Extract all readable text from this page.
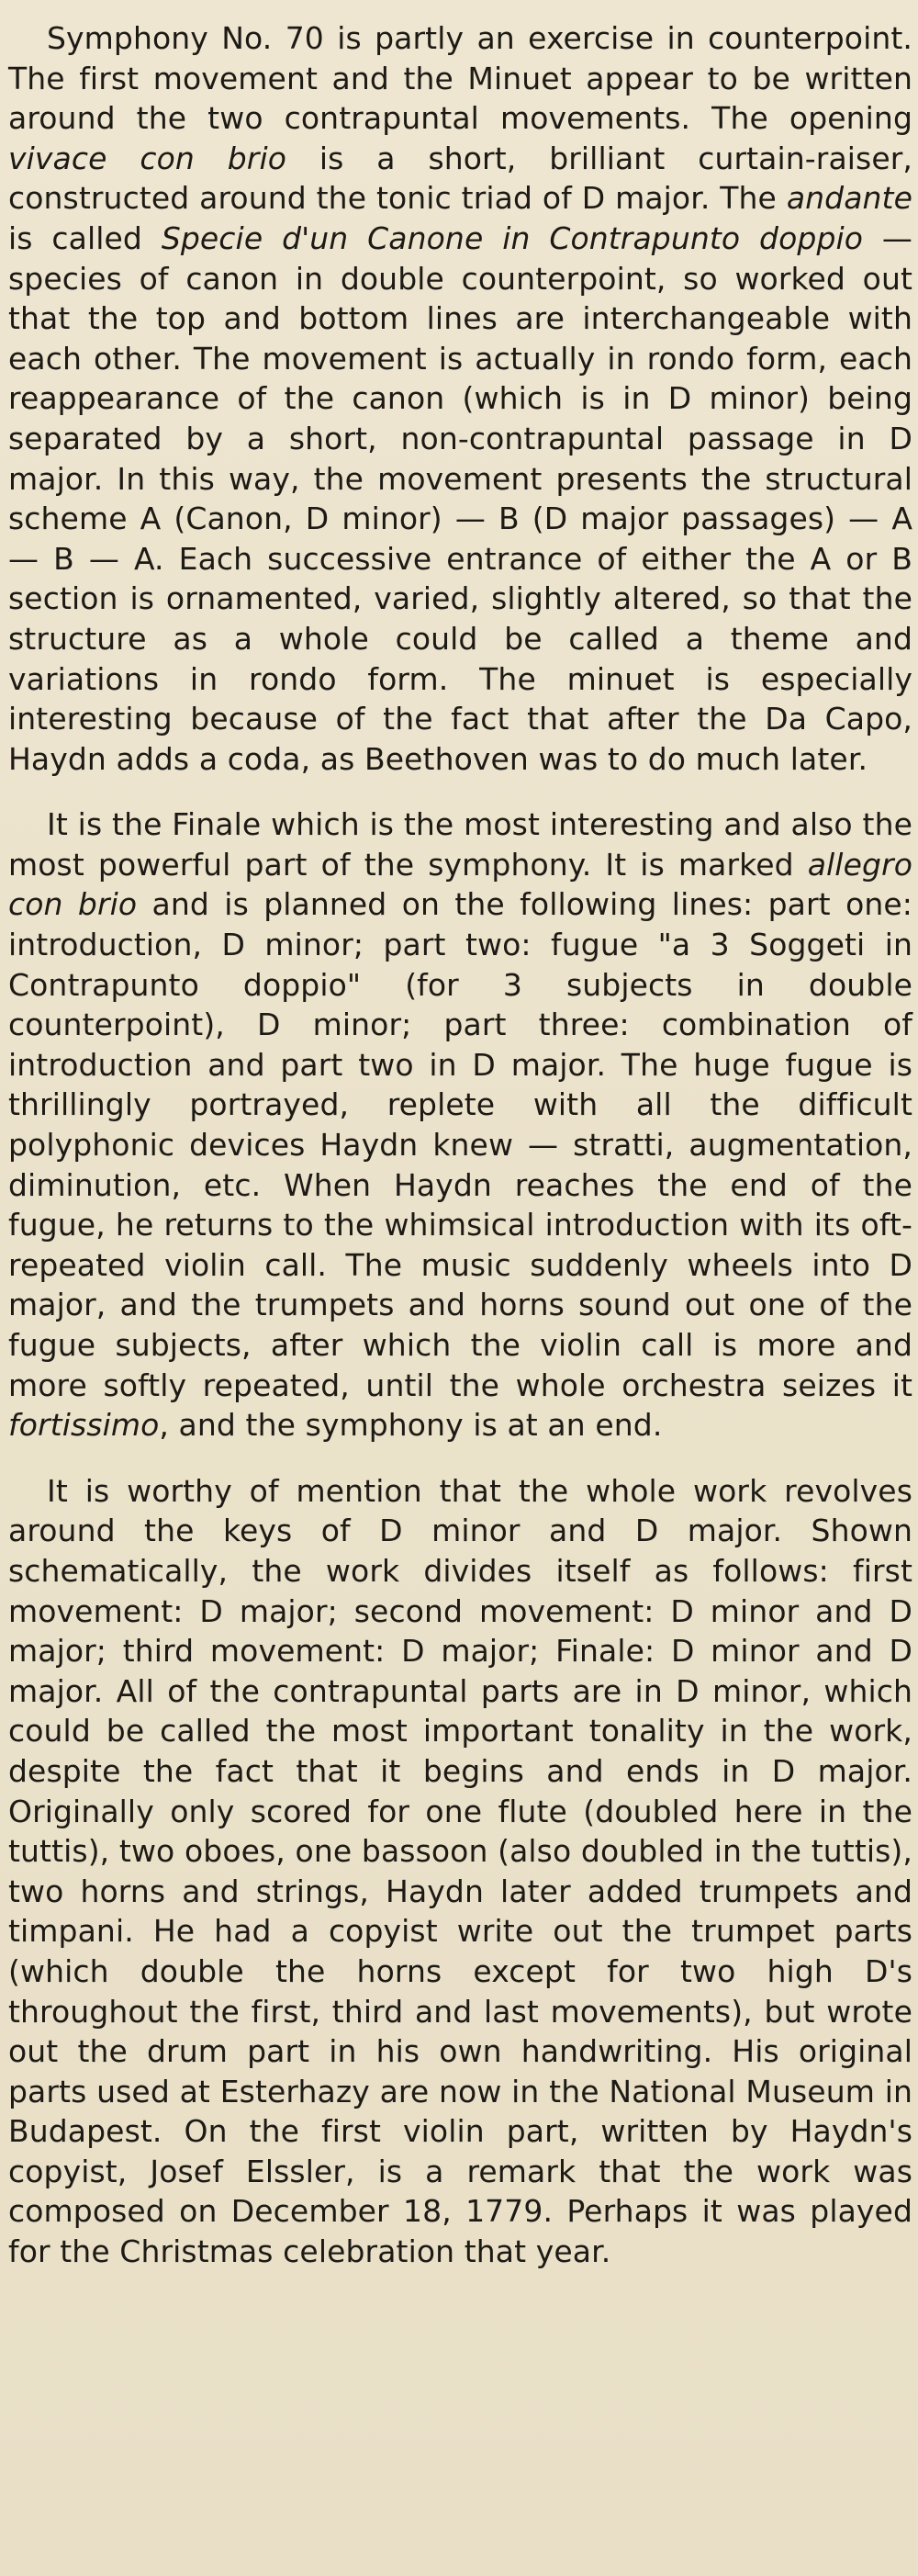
Symphony No. 70 is partly an exercise in counterpoint. The first movement and the Minuet appear to be written around the two contrapuntal movements. The opening vivace con brio is a short, brilliant curtain-raiser, constructed around the tonic triad of D major. The andante is called Specie d'un Canone in Contrapunto doppio — species of canon in double counterpoint, so worked out that the top and bottom lines are interchangeable with each other. The movement is actually in rondo form, each reappearance of the canon (which is in D minor) being separated by a short, non-contrapuntal passage in D major. In this way, the movement presents the structural scheme A (Canon, D minor) — B (D major passages) — A — B — A. Each successive entrance of either the A or B section is ornamented, varied, slightly altered, so that the structure as a whole could be called a theme and variations in rondo form. The minuet is especially interesting because of the fact that after the Da Capo, Haydn adds a coda, as Beethoven was to do much later.

It is the Finale which is the most interesting and also the most powerful part of the symphony. It is marked allegro con brio and is planned on the following lines: part one: introduction, D minor; part two: fugue "a 3 Soggeti in Contrapunto doppio" (for 3 subjects in double counterpoint), D minor; part three: combination of introduction and part two in D major. The huge fugue is thrillingly portrayed, replete with all the difficult polyphonic devices Haydn knew — stratti, augmentation, diminution, etc. When Haydn reaches the end of the fugue, he returns to the whimsical introduction with its oft-repeated violin call. The music suddenly wheels into D major, and the trumpets and horns sound out one of the fugue subjects, after which the violin call is more and more softly repeated, until the whole orchestra seizes it fortissimo, and the symphony is at an end.

It is worthy of mention that the whole work revolves around the keys of D minor and D major. Shown schematically, the work divides itself as follows: first movement: D major; second movement: D minor and D major; third movement: D major; Finale: D minor and D major. All of the contrapuntal parts are in D minor, which could be called the most important tonality in the work, despite the fact that it begins and ends in D major. Originally only scored for one flute (doubled here in the tuttis), two oboes, one bassoon (also doubled in the tuttis), two horns and strings, Haydn later added trumpets and timpani. He had a copyist write out the trumpet parts (which double the horns except for two high D's throughout the first, third and last movements), but wrote out the drum part in his own handwriting. His original parts used at Esterhazy are now in the National Museum in Budapest. On the first violin part, written by Haydn's copyist, Josef Elssler, is a remark that the work was composed on December 18, 1779. Perhaps it was played for the Christmas celebration that year.
